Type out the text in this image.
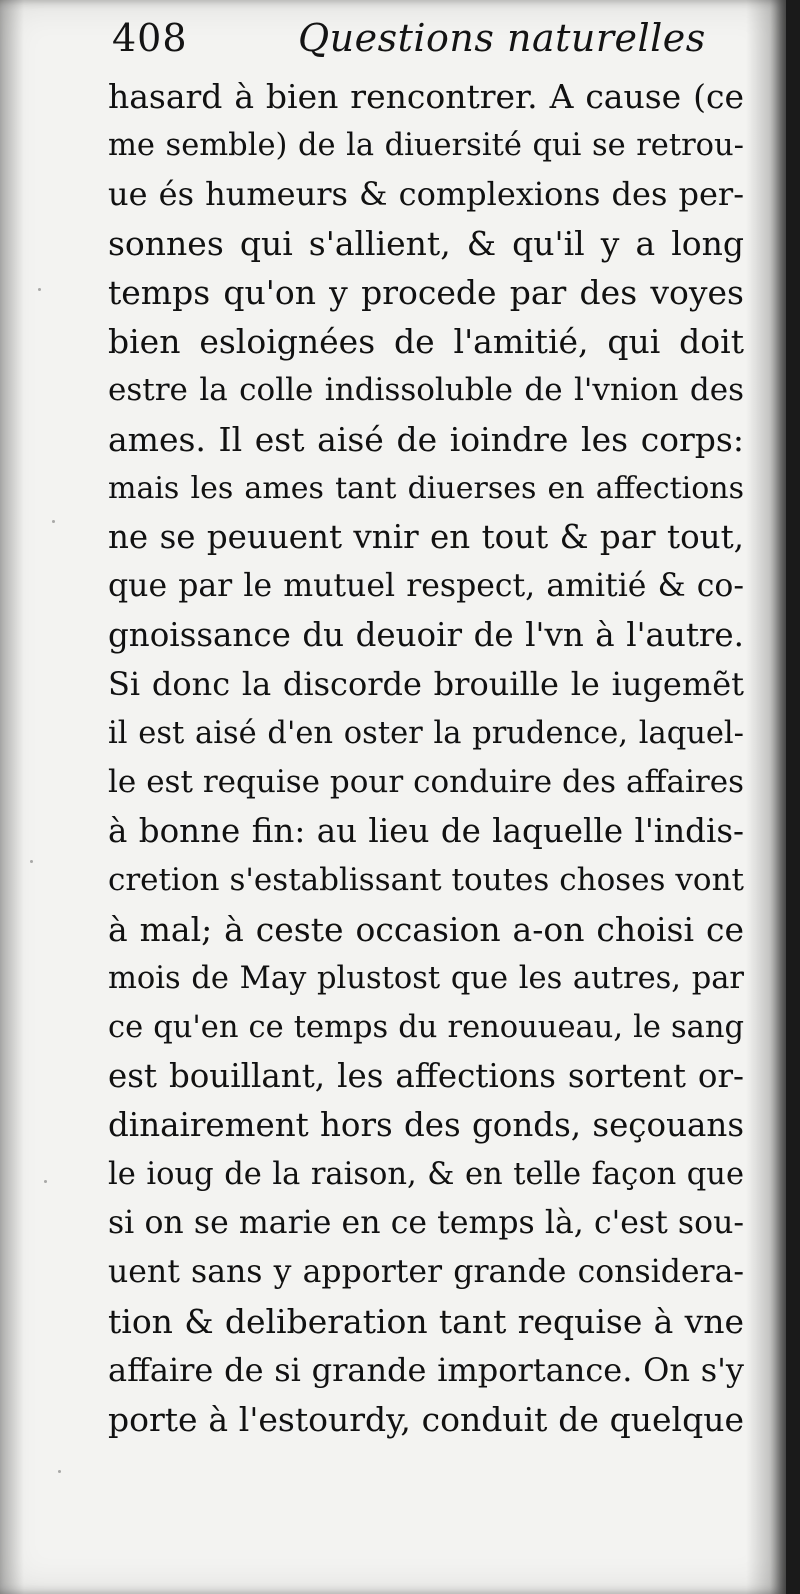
408	Questions naturelles
hasard à bien rencontrer. A cause (ce
me semble) de la diuersité qui se retrou-
ue és humeurs & complexions des per-
sonnes qui s'allient, & qu'il y a long
temps qu'on y procede par des voyes
bien esloignées de l'amitié, qui doit
estre la colle indissoluble de l'vnion des
ames. Il est aisé de ioindre les corps:
mais les ames tant diuerses en affections
ne se peuuent vnir en tout & par tout,
que par le mutuel respect, amitié & co-
gnoissance du deuoir de l'vn à l'autre.
Si donc la discorde brouille le iugemẽt
il est aisé d'en oster la prudence, laquel-
le est requise pour conduire des affaires
à bonne fin: au lieu de laquelle l'indis-
cretion s'establissant toutes choses vont
à mal; à ceste occasion a-on choisi ce
mois de May plustost que les autres, par
ce qu'en ce temps du renouueau, le sang
est bouillant, les affections sortent or-
dinairement hors des gonds, seçouans
le ioug de la raison, & en telle façon que
si on se marie en ce temps là, c'est sou-
uent sans y apporter grande considera-
tion & deliberation tant requise à vne
affaire de si grande importance. On s'y
porte à l'estourdy, conduit de quelque
